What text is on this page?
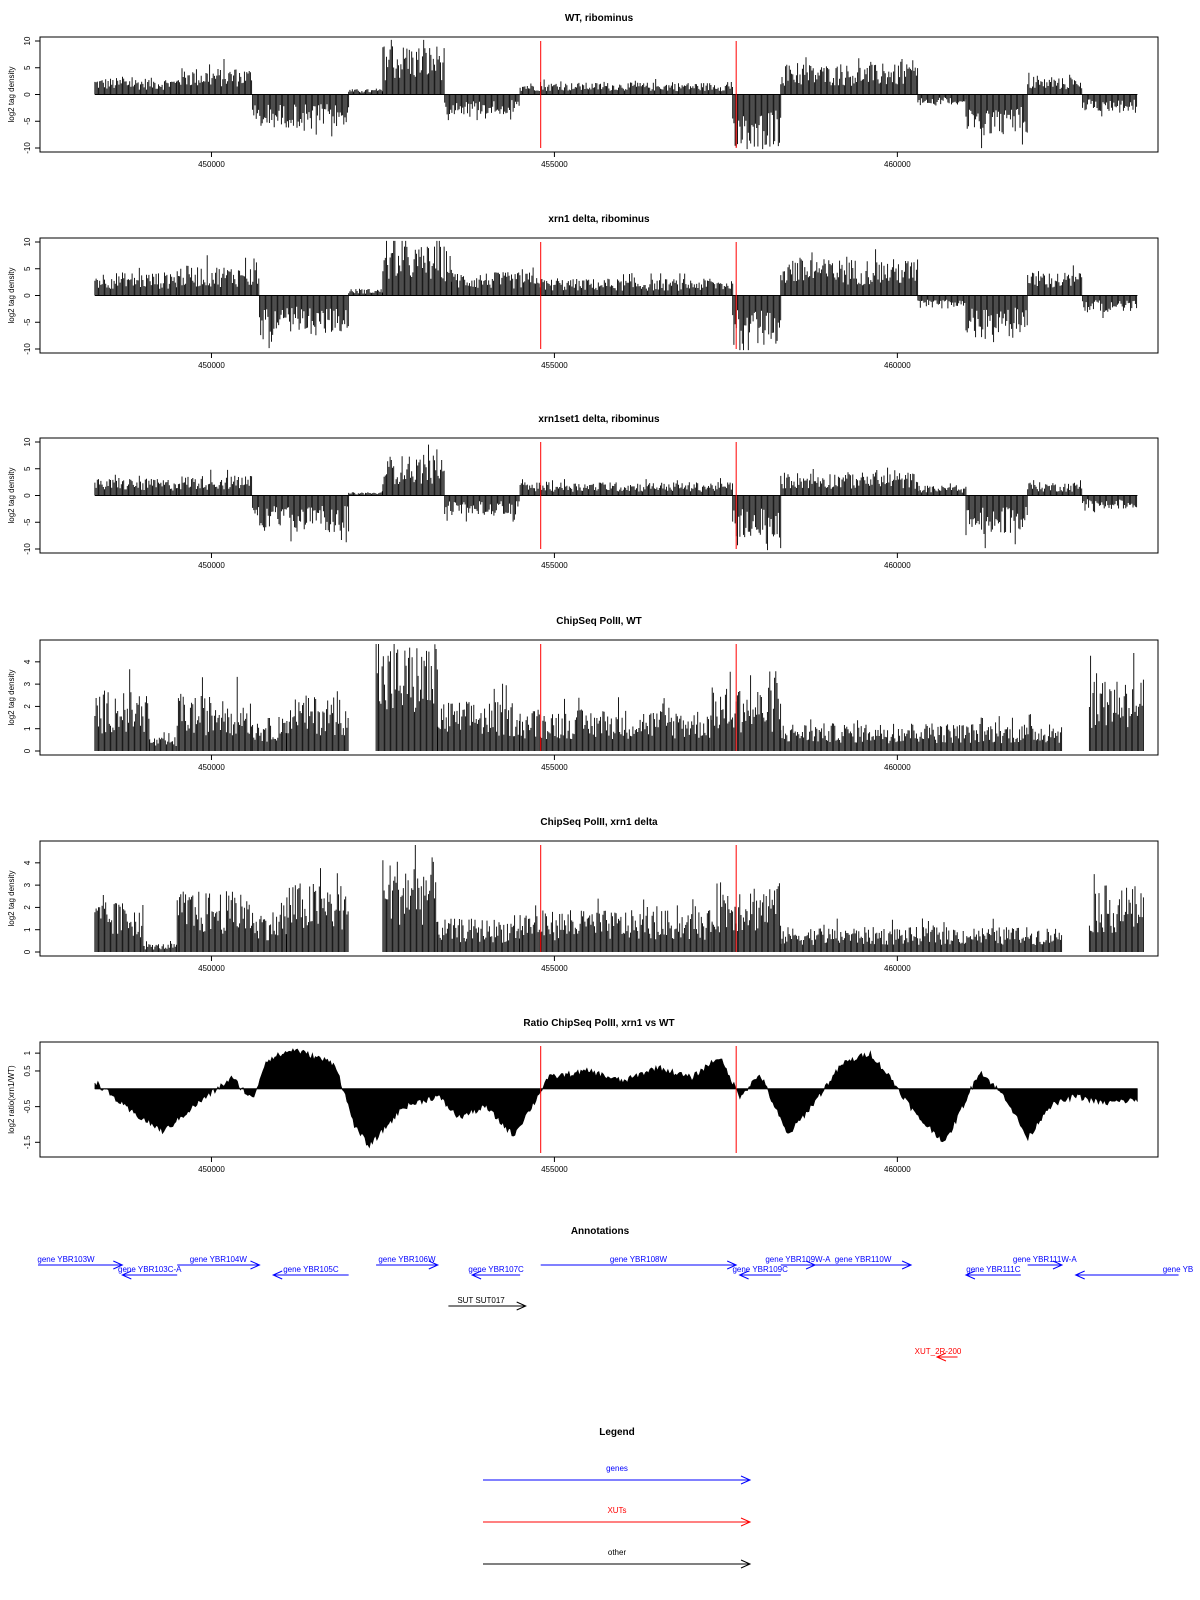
WT, ribominus
log2 tag density
-10
-5
0
5
10
450000	455000	460000
xrn1 delta, ribominus
log2 tag density
-10
-5
0
5
10
450000	455000	460000
xrn1set1 delta, ribominus
log2 tag density
-10
-5
0
5
10
450000	455000	460000
ChipSeq PolII, WT
log2 tag density
0
1
2
3
4
450000	455000	460000
ChipSeq PolII, xrn1 delta
log2 tag density
0
1
2
3
4
450000	455000	460000
Ratio ChipSeq PolII, xrn1 vs WT
log2 ratio(xrn1/WT)
-1.5
-0.5
0.5
1
450000	455000	460000
Annotations
gene YBR103W
gene YBR103C-A
gene YBR104W
gene YBR105C
gene YBR106W
gene YBR107C
gene YBR108W
gene YBR109C
gene YBR109W-A gene YBR110W
gene YBR111C
gene YBR111W-A
gene YB
SUT SUT017
XUT_2R-200
Legend
genes
XUTs
other
